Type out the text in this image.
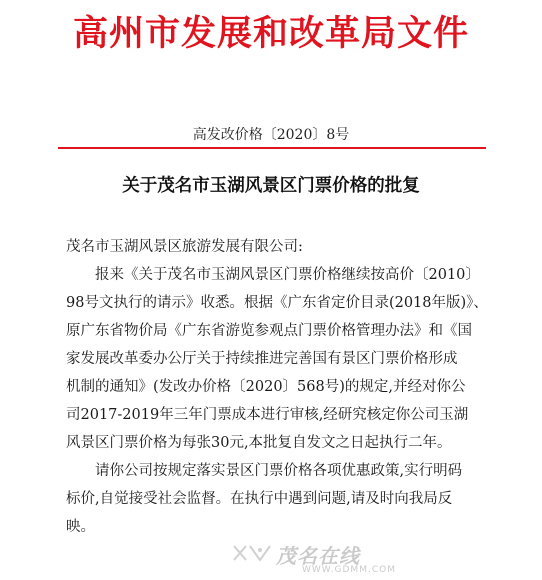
高州市发展和改革局文件
高发改价格〔2020〕8号
关于茂名市玉湖风景区门票价格的批复
茂名市玉湖风景区旅游发展有限公司:
报来《关于茂名市玉湖风景区门票价格继续按高价〔2010〕
98号文执行的请示》收悉。根据《广东省定价目录(2018年版)》、
原广东省物价局《广东省游览参观点门票价格管理办法》和《国
家发展改革委办公厅关于持续推进完善国有景区门票价格形成
机制的通知》(发改办价格〔2020〕568号)的规定,并经对你公
司2017-2019年三年门票成本进行审核,经研究核定你公司玉湖
风景区门票价格为每张30元,本批复自发文之日起执行二年。
请你公司按规定落实景区门票价格各项优惠政策,实行明码
标价,自觉接受社会监督。在执行中遇到问题,请及时向我局反
映。
茂名在线
WWW.GDMM.COM
